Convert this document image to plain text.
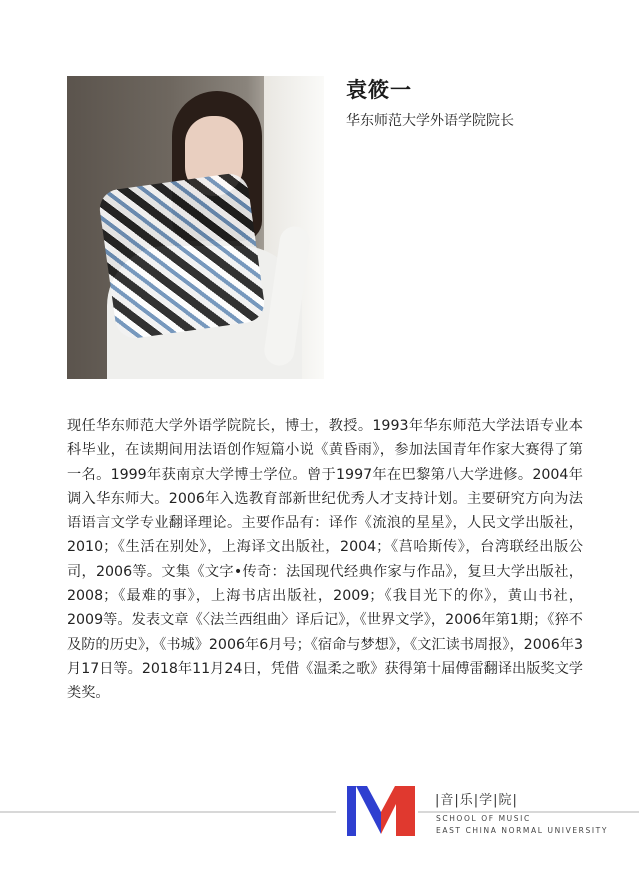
袁筱一
华东师范大学外语学院院长
现任华东师范大学外语学院院长，博士，教授。1993年华东师范大学法语专业本科毕业，在读期间用法语创作短篇小说《黄昏雨》，参加法国青年作家大赛得了第一名。1999年获南京大学博士学位。曾于1997年在巴黎第八大学进修。2004年调入华东师大。2006年入选教育部新世纪优秀人才支持计划。主要研究方向为法语语言文学专业翻译理论。主要作品有：译作《流浪的星星》，人民文学出版社，2010；《生活在别处》，上海译文出版社，2004；《莒哈斯传》，台湾联经出版公司，2006等。文集《文字•传奇：法国现代经典作家与作品》，复旦大学出版社，2008；《最难的事》，上海书店出版社，2009；《我目光下的你》，黄山书社，2009等。发表文章《〈法兰西组曲〉译后记》，《世界文学》，2006年第1期；《猝不及防的历史》，《书城》2006年6月号；《宿命与梦想》，《文汇读书周报》，2006年3月17日等。2018年11月24日，凭借《温柔之歌》获得第十届傅雷翻译出版奖文学类奖。
|音|乐|学|院|
SCHOOL OF MUSIC
EAST CHINA NORMAL UNIVERSITY
